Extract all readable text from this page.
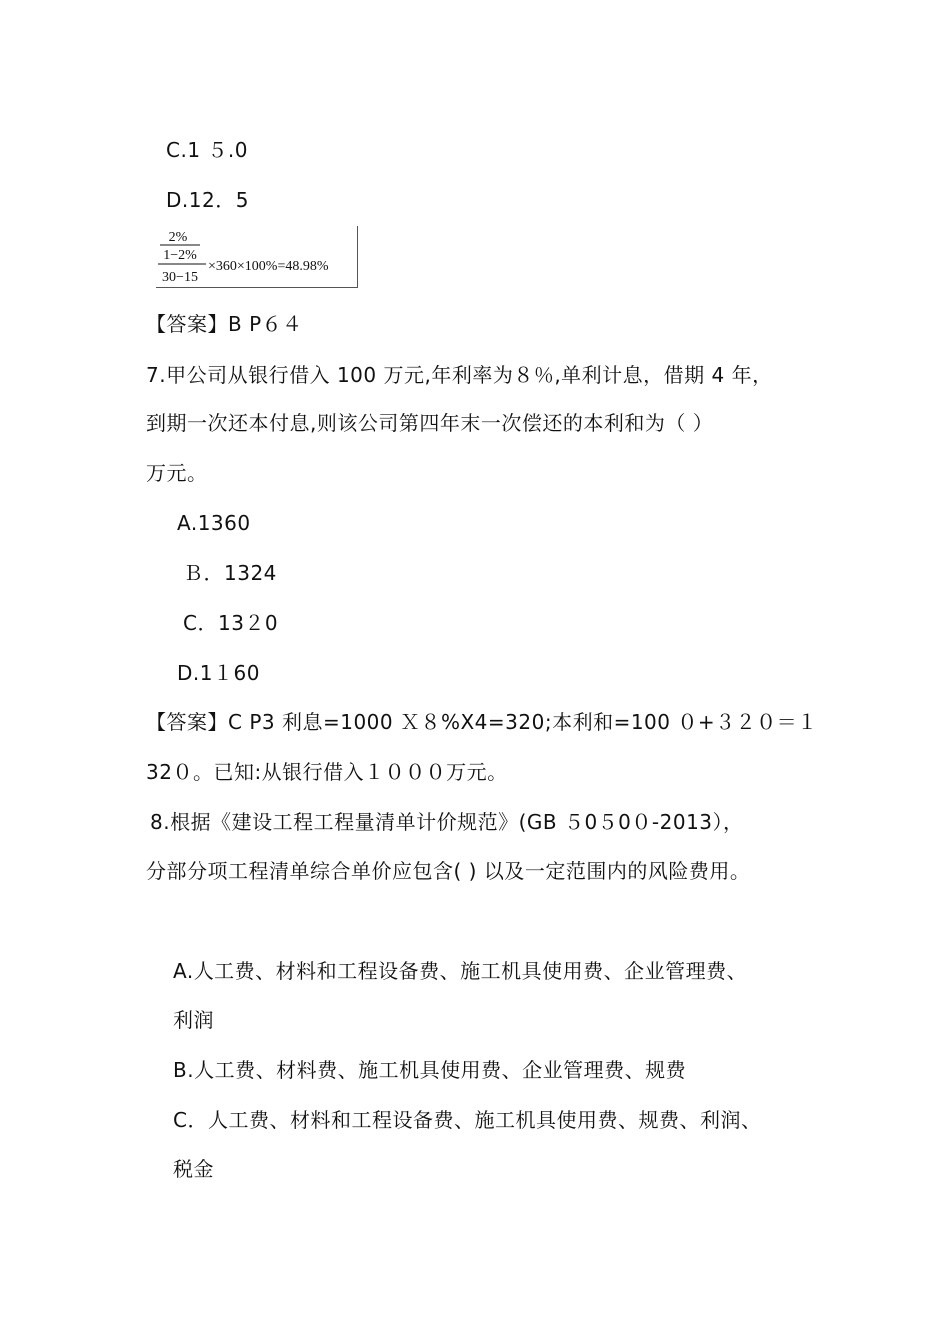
C.1 ５.0
D.12．5
2%
1−2%
30−15
×360×100%=48.98%
【答案】B P６４
7.甲公司从银行借入 100 万元,年利率为８％,单利计息，借期 4 年，
到期一次还本付息,则该公司第四年末一次偿还的本利和为（ ）
万元。
A.1360
Ｂ．1324
C．13２0
D.1１60
【答案】C P3 利息=1000 Ｘ８%X4=320;本利和=100 ０+３２０＝１
32０。已知:从银行借入１０００万元。
8.根据《建设工程工程量清单计价规范》(GB ５0５0０-2013），
分部分项工程清单综合单价应包含( ) 以及一定范围内的风险费用。
A.人工费、材料和工程设备费、施工机具使用费、企业管理费、
利润
B.人工费、材料费、施工机具使用费、企业管理费、规费
C．人工费、材料和工程设备费、施工机具使用费、规费、利润、
税金
